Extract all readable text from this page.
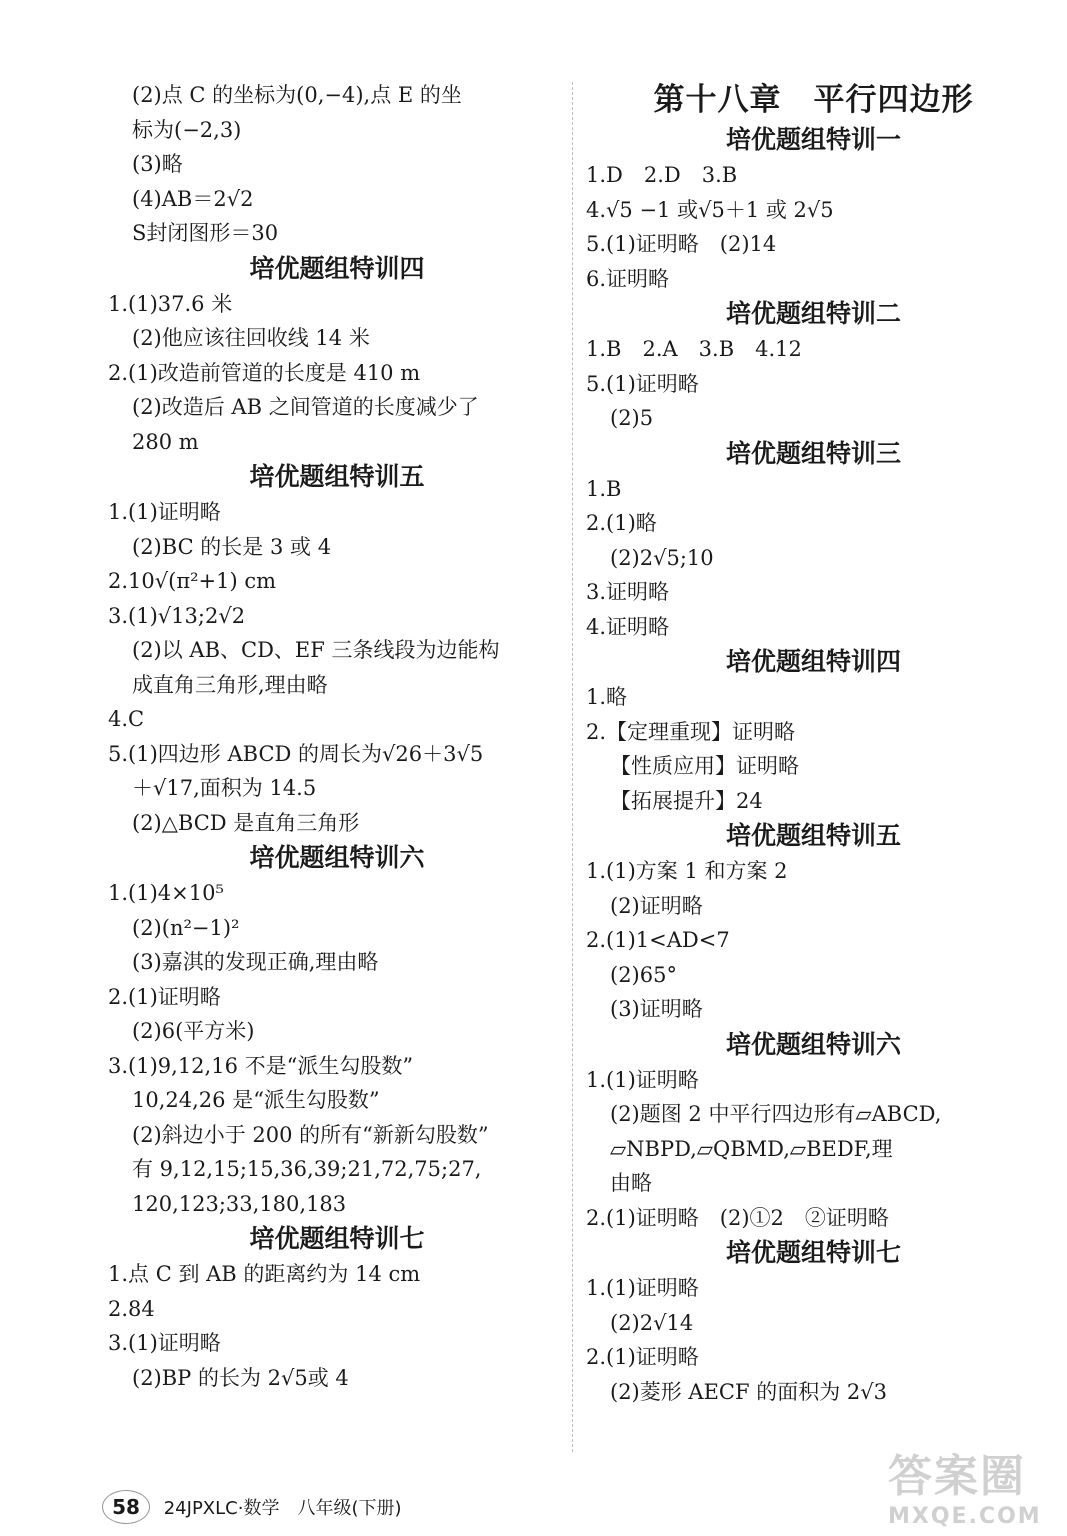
(2)点 C 的坐标为(0,−4),点 E 的坐
标为(−2,3)
(3)略
(4)AB＝2√2
S封闭图形＝30
培优题组特训四
1.(1)37.6 米
(2)他应该往回收线 14 米
2.(1)改造前管道的长度是 410 m
(2)改造后 AB 之间管道的长度减少了
280 m
培优题组特训五
1.(1)证明略
(2)BC 的长是 3 或 4
2.10√(π²+1) cm
3.(1)√13;2√2
(2)以 AB、CD、EF 三条线段为边能构
成直角三角形,理由略
4.C
5.(1)四边形 ABCD 的周长为√26＋3√5
＋√17,面积为 14.5
(2)△BCD 是直角三角形
培优题组特训六
1.(1)4×10⁵
(2)(n²−1)²
(3)嘉淇的发现正确,理由略
2.(1)证明略
(2)6(平方米)
3.(1)9,12,16 不是“派生勾股数”
10,24,26 是“派生勾股数”
(2)斜边小于 200 的所有“新新勾股数”
有 9,12,15;15,36,39;21,72,75;27,
120,123;33,180,183
培优题组特训七
1.点 C 到 AB 的距离约为 14 cm
2.84
3.(1)证明略
(2)BP 的长为 2√5或 4
第十八章　平行四边形
培优题组特训一
1.D　2.D　3.B
4.√5 −1 或√5＋1 或 2√5
5.(1)证明略　(2)14
6.证明略
培优题组特训二
1.B　2.A　3.B　4.12
5.(1)证明略
(2)5
培优题组特训三
1.B
2.(1)略
(2)2√5;10
3.证明略
4.证明略
培优题组特训四
1.略
2.【定理重现】证明略
【性质应用】证明略
【拓展提升】24
培优题组特训五
1.(1)方案 1 和方案 2
(2)证明略
2.(1)1<AD<7
(2)65°
(3)证明略
培优题组特训六
1.(1)证明略
(2)题图 2 中平行四边形有▱ABCD,
▱NBPD,▱QBMD,▱BEDF,理
由略
2.(1)证明略　(2)①2　②证明略
培优题组特训七
1.(1)证明略
(2)2√14
2.(1)证明略
(2)菱形 AECF 的面积为 2√3
58 24JPXLC·数学　八年级(下册)
答案圈
MXQE.COM
